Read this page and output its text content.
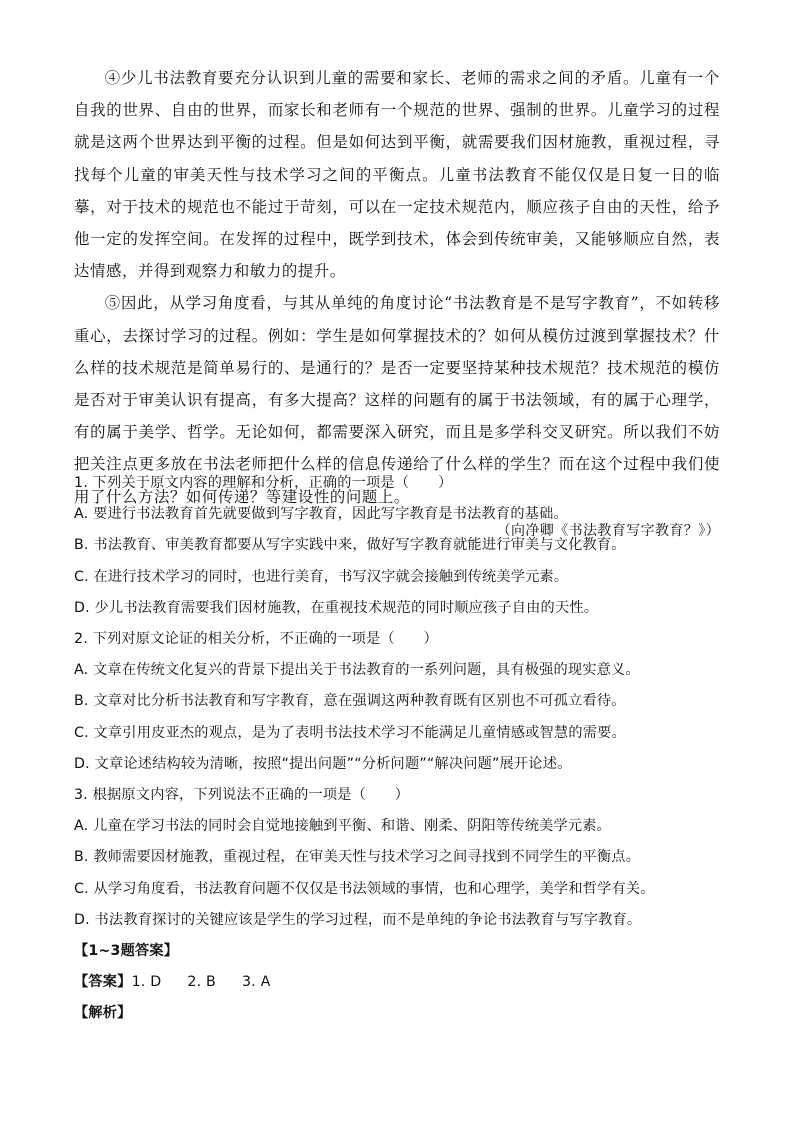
④少儿书法教育要充分认识到儿童的需要和家长、老师的需求之间的矛盾。儿童有一个自我的世界、自由的世界，而家长和老师有一个规范的世界、强制的世界。儿童学习的过程就是这两个世界达到平衡的过程。但是如何达到平衡，就需要我们因材施教，重视过程，寻找每个儿童的审美天性与技术学习之间的平衡点。儿童书法教育不能仅仅是日复一日的临摹，对于技术的规范也不能过于苛刻，可以在一定技术规范内，顺应孩子自由的天性，给予他一定的发挥空间。在发挥的过程中，既学到技术，体会到传统审美，又能够顺应自然，表达情感，并得到观察力和敏力的提升。

⑤因此，从学习角度看，与其从单纯的角度讨论“书法教育是不是写字教育”，不如转移重心，去探讨学习的过程。例如：学生是如何掌握技术的？如何从模仿过渡到掌握技术？什么样的技术规范是简单易行的、是通行的？是否一定要坚持某种技术规范？技术规范的模仿是否对于审美认识有提高，有多大提高？这样的问题有的属于书法领域，有的属于心理学，有的属于美学、哲学。无论如何，都需要深入研究，而且是多学科交叉研究。所以我们不妨把关注点更多放在书法老师把什么样的信息传递给了什么样的学生？而在这个过程中我们使用了什么方法？如何传递？等建设性的问题上。

（向净卿《书法教育写字教育？》）
1. 下列关于原文内容的理解和分析，正确的一项是（　　）
A. 要进行书法教育首先就要做到写字教育，因此写字教育是书法教育的基础。
B. 书法教育、审美教育都要从写字实践中来，做好写字教育就能进行审美与文化教育。
C. 在进行技术学习的同时，也进行美育，书写汉字就会接触到传统美学元素。
D. 少儿书法教育需要我们因材施教，在重视技术规范的同时顺应孩子自由的天性。
2. 下列对原文论证的相关分析，不正确的一项是（　　）
A. 文章在传统文化复兴的背景下提出关于书法教育的一系列问题，具有极强的现实意义。
B. 文章对比分析书法教育和写字教育，意在强调这两种教育既有区别也不可孤立看待。
C. 文章引用皮亚杰的观点，是为了表明书法技术学习不能满足儿童情感或智慧的需要。
D. 文章论述结构较为清晰，按照“提出问题”“分析问题”“解决问题”展开论述。
3. 根据原文内容，下列说法不正确的一项是（　　）
A. 儿童在学习书法的同时会自觉地接触到平衡、和谐、刚柔、阴阳等传统美学元素。
B. 教师需要因材施教，重视过程，在审美天性与技术学习之间寻找到不同学生的平衡点。
C. 从学习角度看，书法教育问题不仅仅是书法领域的事情，也和心理学，美学和哲学有关。
D. 书法教育探讨的关键应该是学生的学习过程，而不是单纯的争论书法教育与写字教育。
【1~3题答案】
【答案】1. D 2. B 3. A
【解析】
